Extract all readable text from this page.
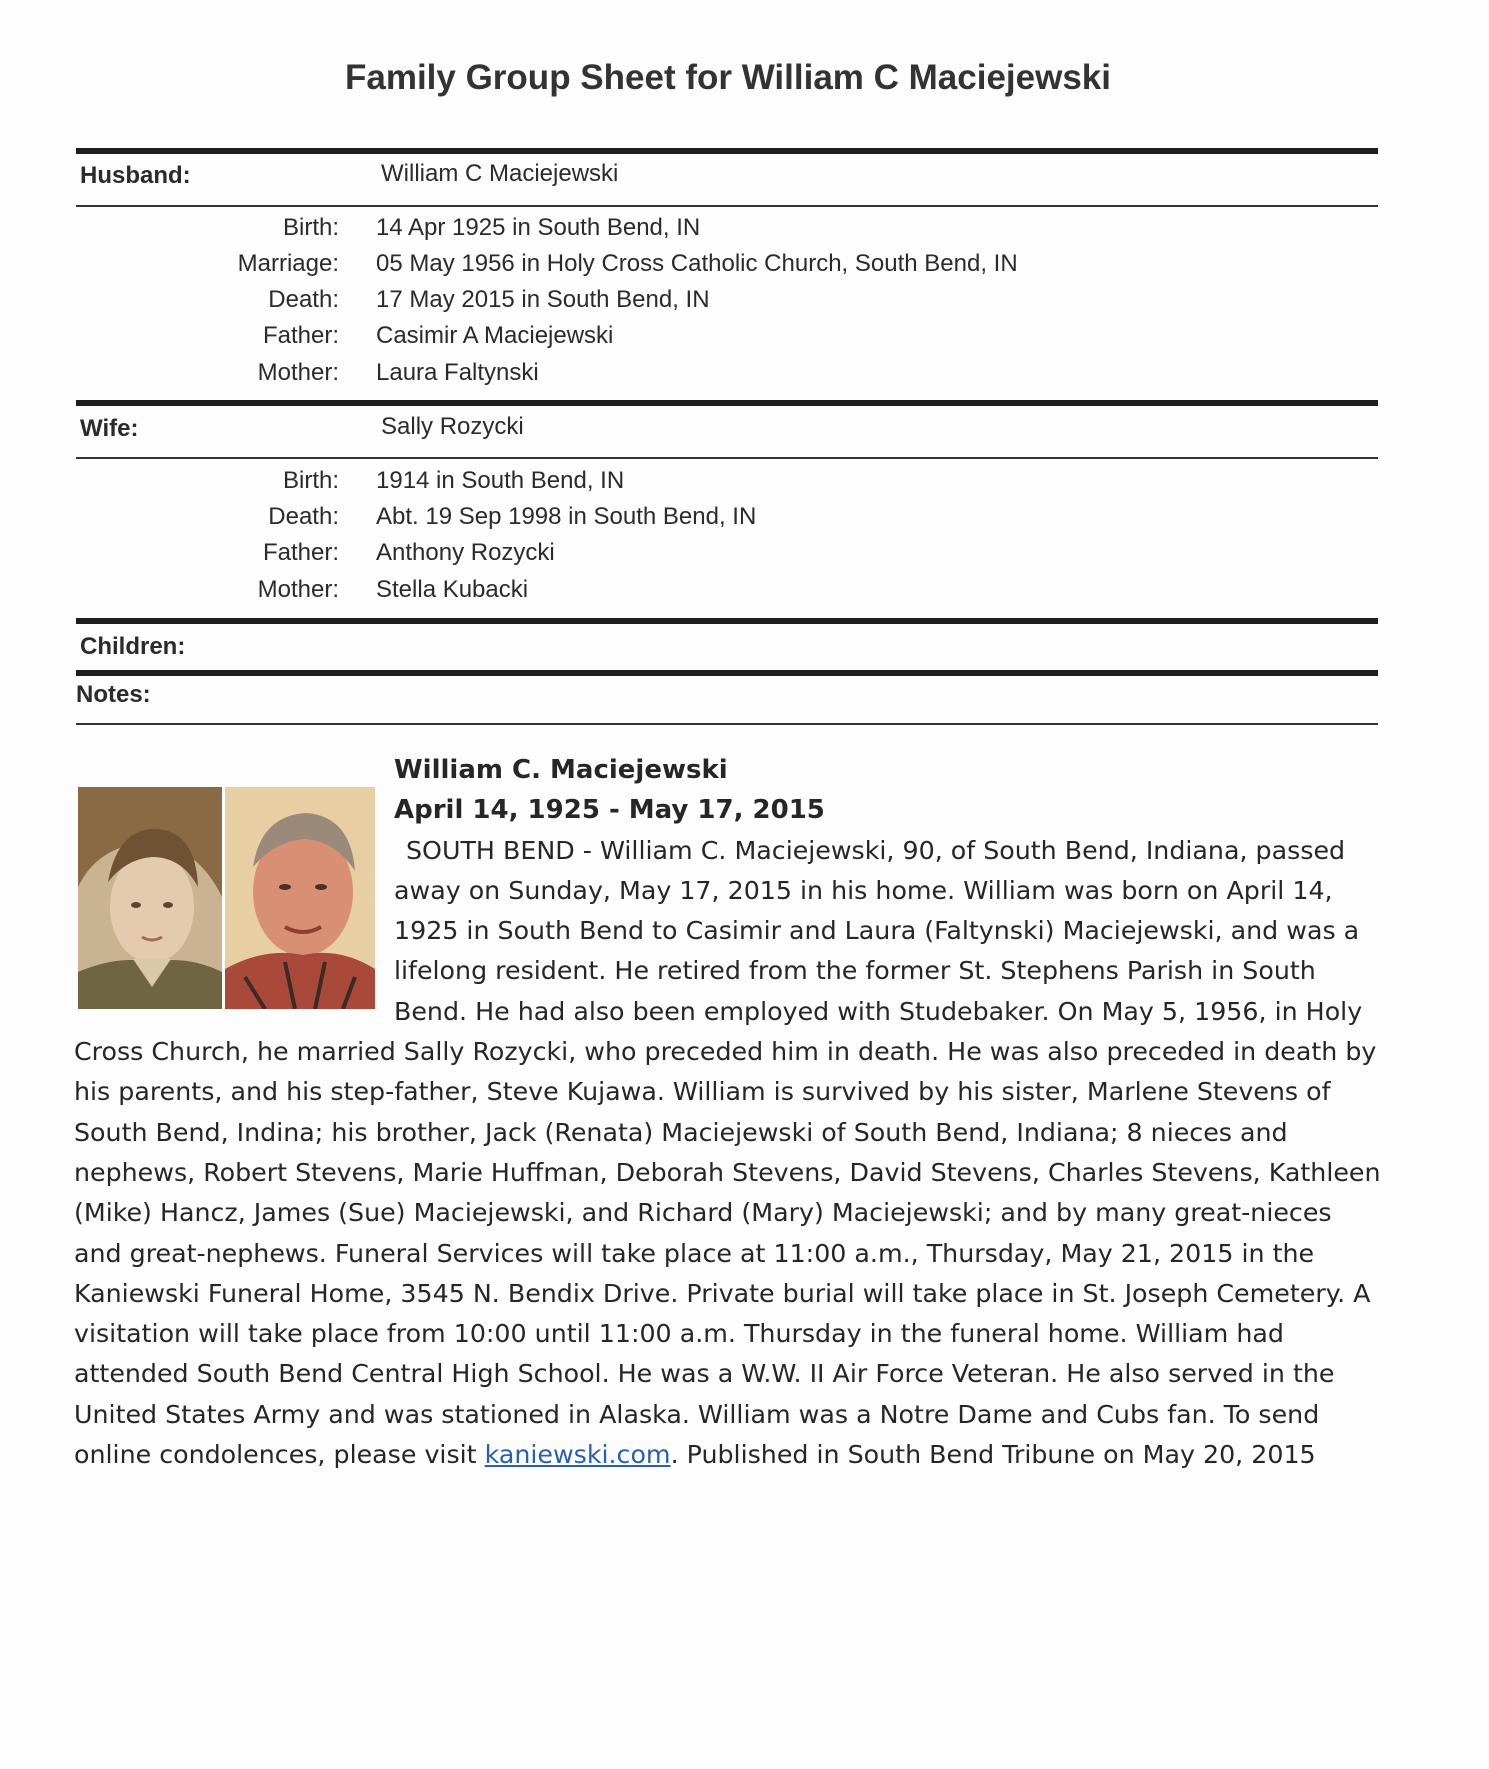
Family Group Sheet for William C Maciejewski
Husband:	William C Maciejewski
Birth: 14 Apr 1925 in South Bend, IN
Marriage: 05 May 1956 in Holy Cross Catholic Church, South Bend, IN
Death: 17 May 2015 in South Bend, IN
Father: Casimir A Maciejewski
Mother: Laura Faltynski
Wife:	Sally Rozycki
Birth: 1914 in South Bend, IN
Death: Abt. 19 Sep 1998 in South Bend, IN
Father: Anthony Rozycki
Mother: Stella Kubacki
Children:
Notes:
William C. Maciejewski
April 14, 1925 - May 17, 2015
SOUTH BEND - William C. Maciejewski, 90, of South Bend, Indiana, passed away on Sunday, May 17, 2015 in his home. William was born on April 14, 1925 in South Bend to Casimir and Laura (Faltynski) Maciejewski, and was a lifelong resident. He retired from the former St. Stephens Parish in South Bend. He had also been employed with Studebaker. On May 5, 1956, in Holy Cross Church, he married Sally Rozycki, who preceded him in death. He was also preceded in death by his parents, and his step-father, Steve Kujawa. William is survived by his sister, Marlene Stevens of South Bend, Indina; his brother, Jack (Renata) Maciejewski of South Bend, Indiana; 8 nieces and nephews, Robert Stevens, Marie Huffman, Deborah Stevens, David Stevens, Charles Stevens, Kathleen (Mike) Hancz, James (Sue) Maciejewski, and Richard (Mary) Maciejewski; and by many great-nieces and great-nephews. Funeral Services will take place at 11:00 a.m., Thursday, May 21, 2015 in the Kaniewski Funeral Home, 3545 N. Bendix Drive. Private burial will take place in St. Joseph Cemetery. A visitation will take place from 10:00 until 11:00 a.m. Thursday in the funeral home. William had attended South Bend Central High School. He was a W.W. II Air Force Veteran. He also served in the United States Army and was stationed in Alaska. William was a Notre Dame and Cubs fan. To send online condolences, please visit kaniewski.com. Published in South Bend Tribune on May 20, 2015
